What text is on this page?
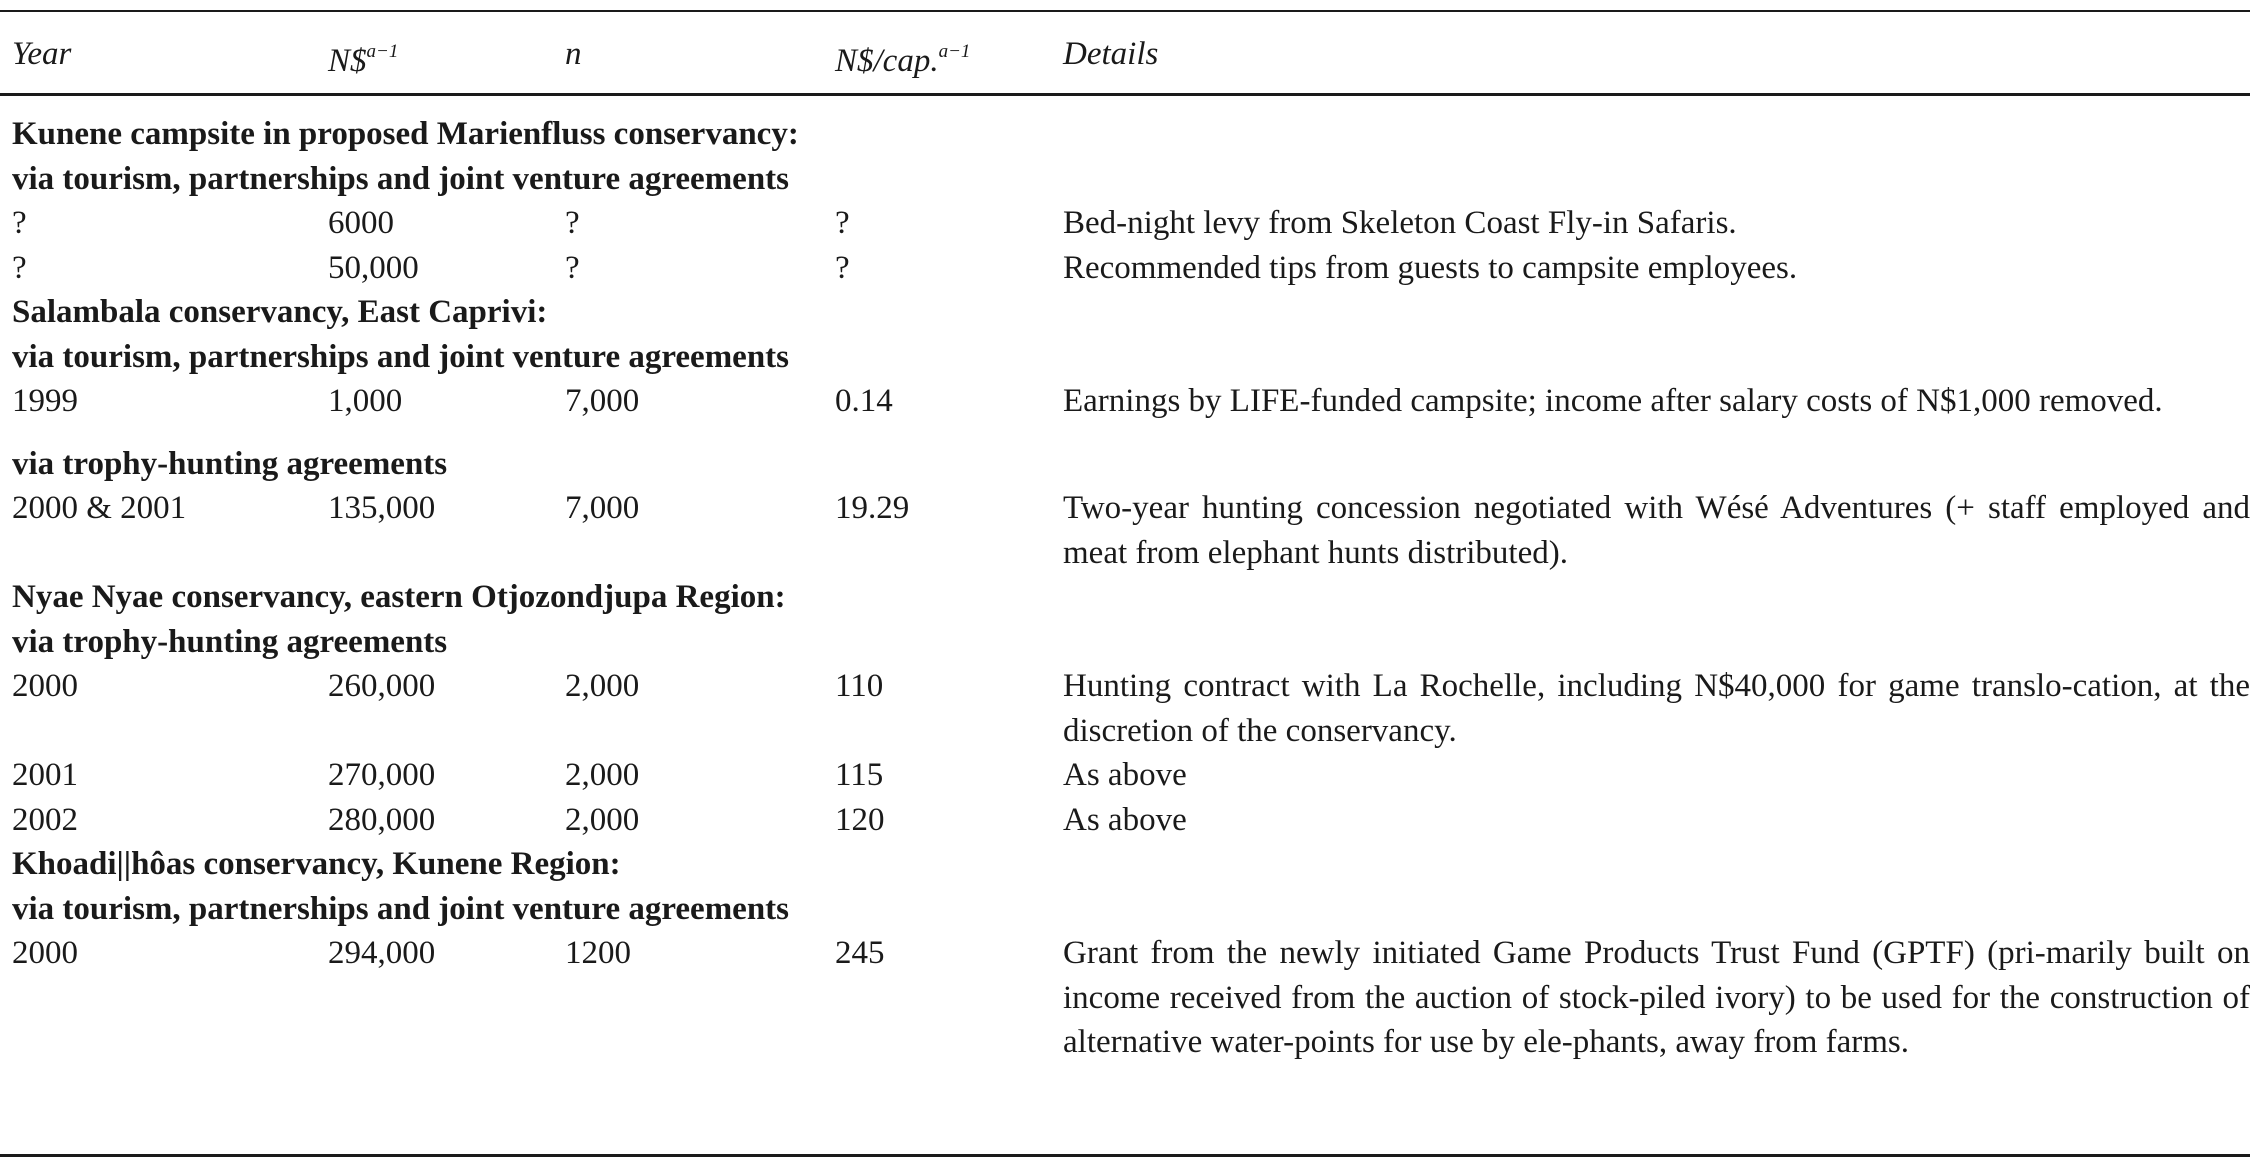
Year	N\$$^{a-1}$	n	N$/cap.$^{a-1}$	Details
Kunene campsite in proposed Marienfluss conservancy:
via tourism, partnerships and joint venture agreements
?	6000	?	?	Bed-night levy from Skeleton Coast Fly-in Safaris.
?	50,000	?	?	Recommended tips from guests to campsite employees.
Salambala conservancy, East Caprivi:
via tourism, partnerships and joint venture agreements
1999	1,000	7,000	0.14	Earnings by LIFE-funded campsite; income after salary costs of N$1,000 removed.
via trophy-hunting agreements
2000 & 2001	135,000	7,000	19.29	Two-year hunting concession negotiated with Wésé Adventures (+ staff employed and meat from elephant hunts distributed).
Nyae Nyae conservancy, eastern Otjozondjupa Region:
via trophy-hunting agreements
2000	260,000	2,000	110	Hunting contract with La Rochelle, including N$40,000 for game translo-cation, at the discretion of the conservancy.
2001	270,000	2,000	115	As above
2002	280,000	2,000	120	As above
Khoadi||hôas conservancy, Kunene Region:
via tourism, partnerships and joint venture agreements
2000	294,000	1200	245	Grant from the newly initiated Game Products Trust Fund (GPTF) (pri-marily built on income received from the auction of stock-piled ivory) to be used for the construction of alternative water-points for use by ele-phants, away from farms.
